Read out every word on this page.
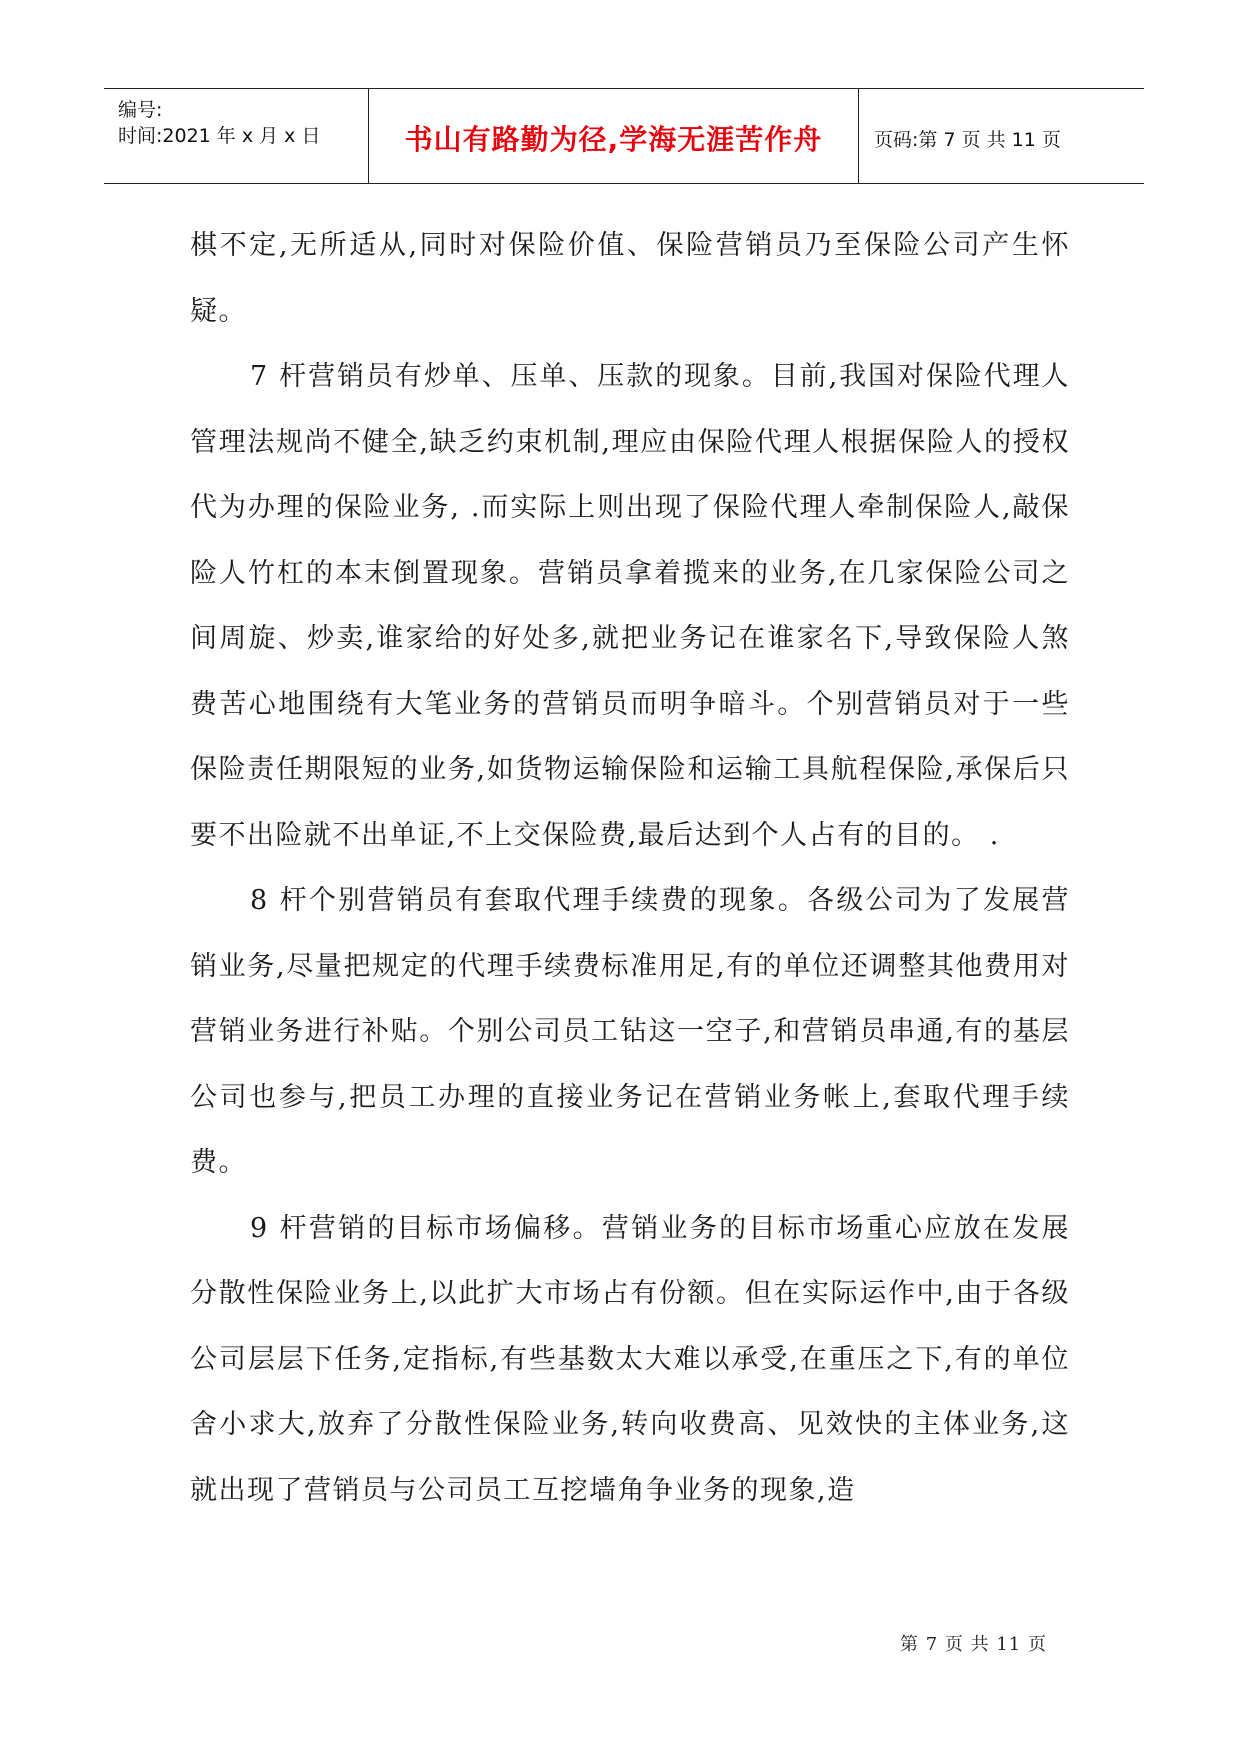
编号:
时间:2021 年 x 月 x 日	书山有路勤为径,学海无涯苦作舟	页码:第 7 页 共 11 页

棋不定,无所适从,同时对保险价值、保险营销员乃至保险公司产生怀疑。

7 杆营销员有炒单、压单、压款的现象。目前,我国对保险代理人管理法规尚不健全,缺乏约束机制,理应由保险代理人根据保险人的授权代为办理的保险业务, .而实际上则出现了保险代理人牵制保险人,敲保险人竹杠的本末倒置现象。营销员拿着揽来的业务,在几家保险公司之间周旋、炒卖,谁家给的好处多,就把业务记在谁家名下,导致保险人煞费苦心地围绕有大笔业务的营销员而明争暗斗。个别营销员对于一些保险责任期限短的业务,如货物运输保险和运输工具航程保险,承保后只要不出险就不出单证,不上交保险费,最后达到个人占有的目的。 .

8 杆个别营销员有套取代理手续费的现象。各级公司为了发展营销业务,尽量把规定的代理手续费标准用足,有的单位还调整其他费用对营销业务进行补贴。个别公司员工钻这一空子,和营销员串通,有的基层公司也参与,把员工办理的直接业务记在营销业务帐上,套取代理手续费。

9 杆营销的目标市场偏移。营销业务的目标市场重心应放在发展分散性保险业务上,以此扩大市场占有份额。但在实际运作中,由于各级公司层层下任务,定指标,有些基数太大难以承受,在重压之下,有的单位舍小求大,放弃了分散性保险业务,转向收费高、见效快的主体业务,这就出现了营销员与公司员工互挖墙角争业务的现象,造

第 7 页 共 11 页
